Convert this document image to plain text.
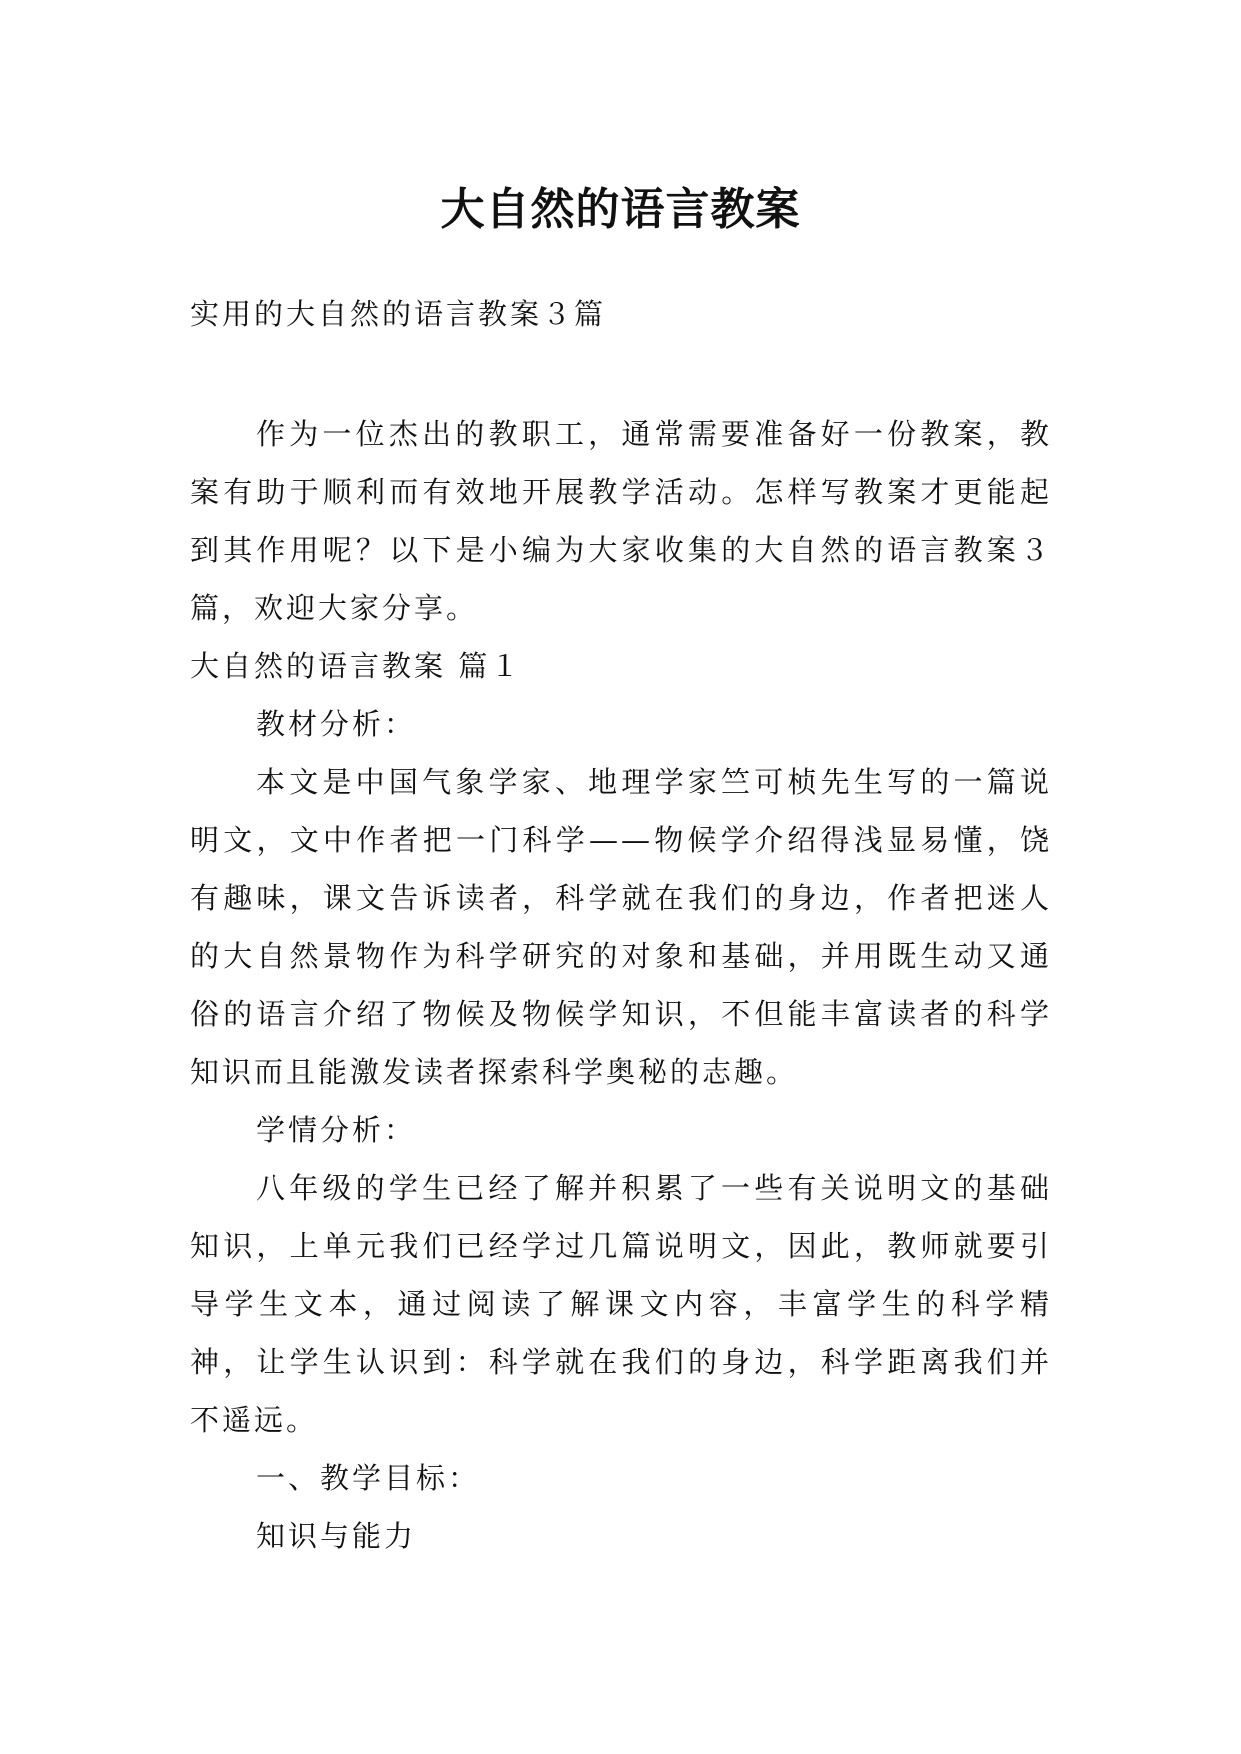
大自然的语言教案
实用的大自然的语言教案３篇

作为一位杰出的教职工，通常需要准备好一份教案，教案有助于顺利而有效地开展教学活动。怎样写教案才更能起到其作用呢？以下是小编为大家收集的大自然的语言教案３篇，欢迎大家分享。

大自然的语言教案 篇１

教材分析：

本文是中国气象学家、地理学家竺可桢先生写的一篇说明文，文中作者把一门科学——物候学介绍得浅显易懂，饶有趣味，课文告诉读者，科学就在我们的身边，作者把迷人的大自然景物作为科学研究的对象和基础，并用既生动又通俗的语言介绍了物候及物候学知识，不但能丰富读者的科学知识而且能激发读者探索科学奥秘的志趣。

学情分析：

八年级的学生已经了解并积累了一些有关说明文的基础知识，上单元我们已经学过几篇说明文，因此，教师就要引导学生文本，通过阅读了解课文内容，丰富学生的科学精神，让学生认识到：科学就在我们的身边，科学距离我们并不遥远。

一、教学目标：

知识与能力
